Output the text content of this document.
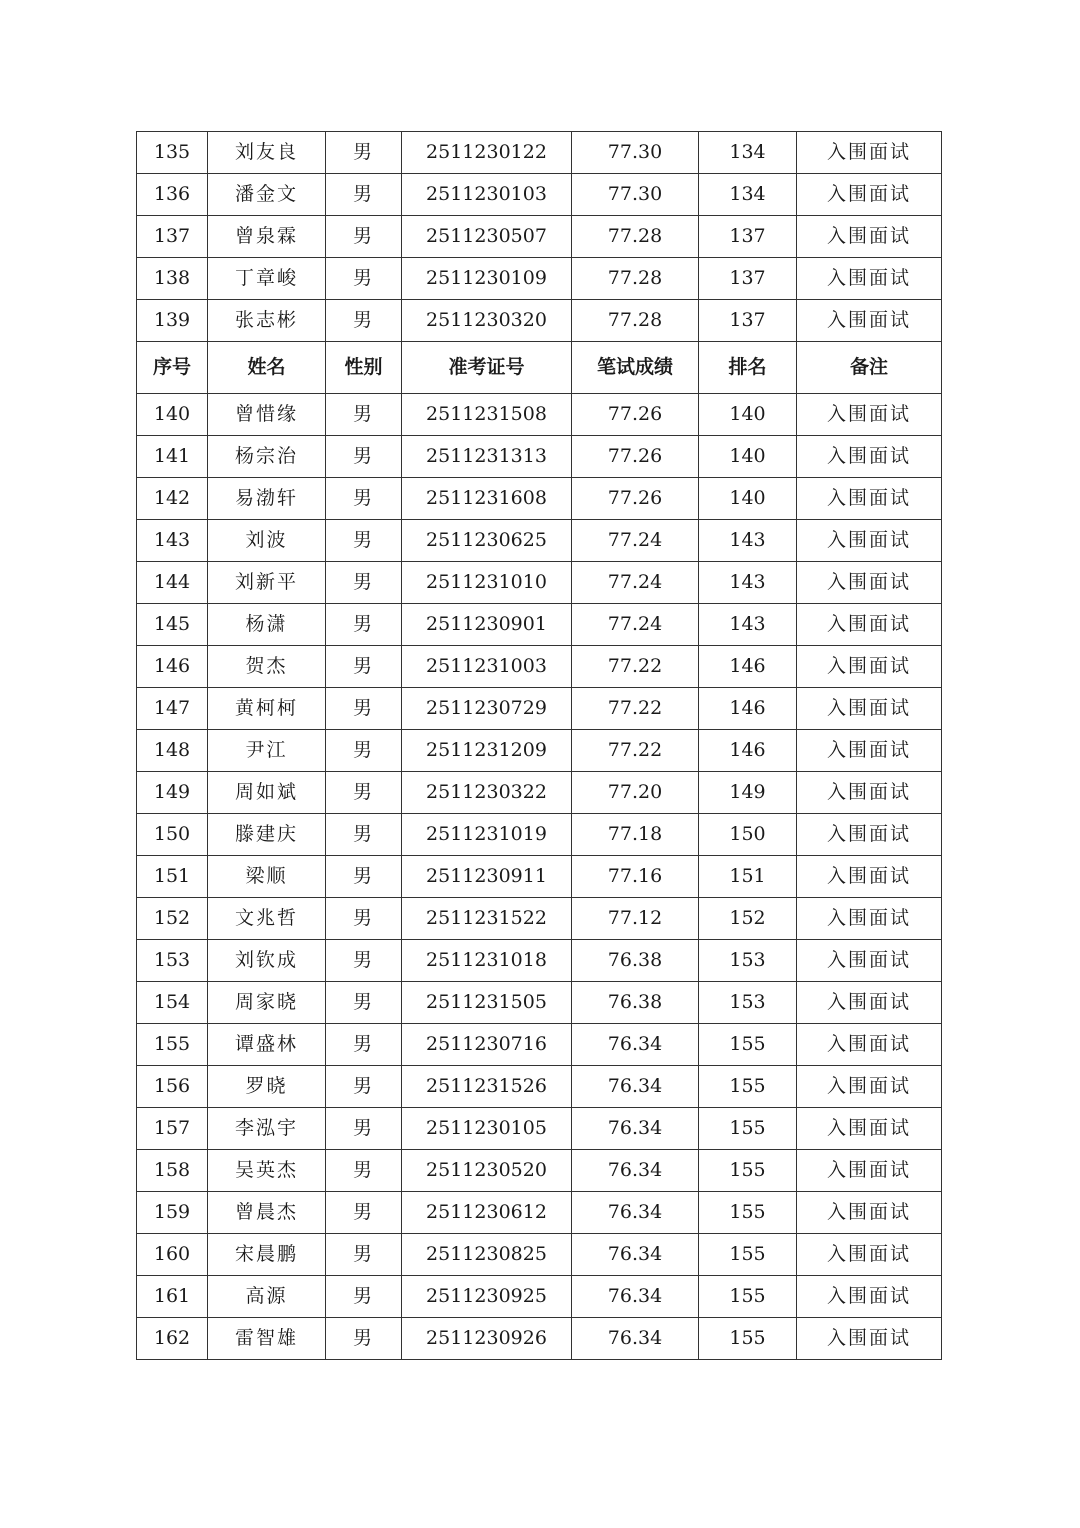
135	刘友良	男	2511230122	77.30	134	入围面试
136	潘金文	男	2511230103	77.30	134	入围面试
137	曾泉霖	男	2511230507	77.28	137	入围面试
138	丁章峻	男	2511230109	77.28	137	入围面试
139	张志彬	男	2511230320	77.28	137	入围面试
序号	姓名	性别	准考证号	笔试成绩	排名	备注
140	曾惜缘	男	2511231508	77.26	140	入围面试
141	杨宗治	男	2511231313	77.26	140	入围面试
142	易渤轩	男	2511231608	77.26	140	入围面试
143	刘波	男	2511230625	77.24	143	入围面试
144	刘新平	男	2511231010	77.24	143	入围面试
145	杨潇	男	2511230901	77.24	143	入围面试
146	贺杰	男	2511231003	77.22	146	入围面试
147	黄柯柯	男	2511230729	77.22	146	入围面试
148	尹江	男	2511231209	77.22	146	入围面试
149	周如斌	男	2511230322	77.20	149	入围面试
150	滕建庆	男	2511231019	77.18	150	入围面试
151	梁顺	男	2511230911	77.16	151	入围面试
152	文兆哲	男	2511231522	77.12	152	入围面试
153	刘钦成	男	2511231018	76.38	153	入围面试
154	周家晓	男	2511231505	76.38	153	入围面试
155	谭盛林	男	2511230716	76.34	155	入围面试
156	罗晓	男	2511231526	76.34	155	入围面试
157	李泓宇	男	2511230105	76.34	155	入围面试
158	吴英杰	男	2511230520	76.34	155	入围面试
159	曾晨杰	男	2511230612	76.34	155	入围面试
160	宋晨鹏	男	2511230825	76.34	155	入围面试
161	高源	男	2511230925	76.34	155	入围面试
162	雷智雄	男	2511230926	76.34	155	入围面试
